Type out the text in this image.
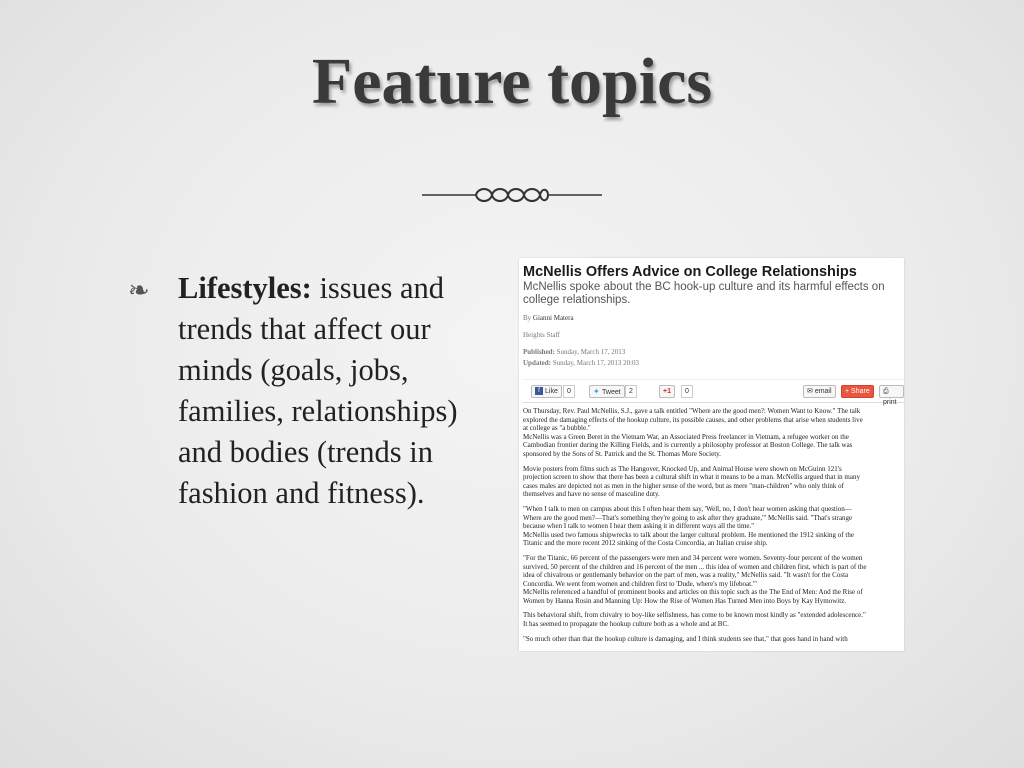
Feature topics
❧ Lifestyles: issues and trends that affect our minds (goals, jobs, families, relationships) and bodies (trends in fashion and fitness).
McNellis Offers Advice on College Relationships
McNellis spoke about the BC hook-up culture and its harmful effects on college relationships.
By Gianni Matera
Heights Staff
Published: Sunday, March 17, 2013
Updated: Sunday, March 17, 2013 20:03
f Like	0	✦ Tweet	2	+1	0	✉ email	+ Share	⎙ print

On Thursday, Rev. Paul McNellis, S.J., gave a talk entitled "Where are the good men?: Women Want to Know." The talk
explored the damaging effects of the hookup culture, its possible causes, and other problems that arise when students live
at college as "a bubble."
McNellis was a Green Beret in the Vietnam War, an Associated Press freelancer in Vietnam, a refugee worker on the
Cambodian frontier during the Killing Fields, and is currently a philosophy professor at Boston College. The talk was
sponsored by the Sons of St. Patrick and the St. Thomas More Society.

Movie posters from films such as The Hangover, Knocked Up, and Animal House were shown on McGuinn 121's
projection screen to show that there has been a cultural shift in what it means to be a man. McNellis argued that in many
cases males are depicted not as men in the higher sense of the word, but as mere "man-children" who only think of
themselves and have no sense of masculine duty.

"When I talk to men on campus about this I often hear them say, 'Well, no, I don't hear women asking that question—
Where are the good men?—That's something they're going to ask after they graduate,'" McNellis said. "That's strange
because when I talk to women I hear them asking it in different ways all the time."
McNellis used two famous shipwrecks to talk about the larger cultural problem. He mentioned the 1912 sinking of the
Titanic and the more recent 2012 sinking of the Costa Concordia, an Italian cruise ship.

"For the Titanic, 66 percent of the passengers were men and 34 percent were women. Seventy-four percent of the women
survived, 50 percent of the children and 16 percent of the men ... this idea of women and children first, which is part of the
idea of chivalrous or gentlemanly behavior on the part of men, was a reality," McNellis said. "It wasn't for the Costa
Concordia. We went from women and children first to 'Dude, where's my lifeboat.'"
McNellis referenced a handful of prominent books and articles on this topic such as the The End of Men: And the Rise of
Women by Hanna Rosin and Manning Up: How the Rise of Women Has Turned Men into Boys by Kay Hymowitz.

This behavioral shift, from chivalry to boy-like selfishness, has come to be known most kindly as "extended adolescence."
It has seemed to propagate the hookup culture both as a whole and at BC.

"So much other than that the hookup culture is damaging, and I think students see that," that goes hand in hand with
